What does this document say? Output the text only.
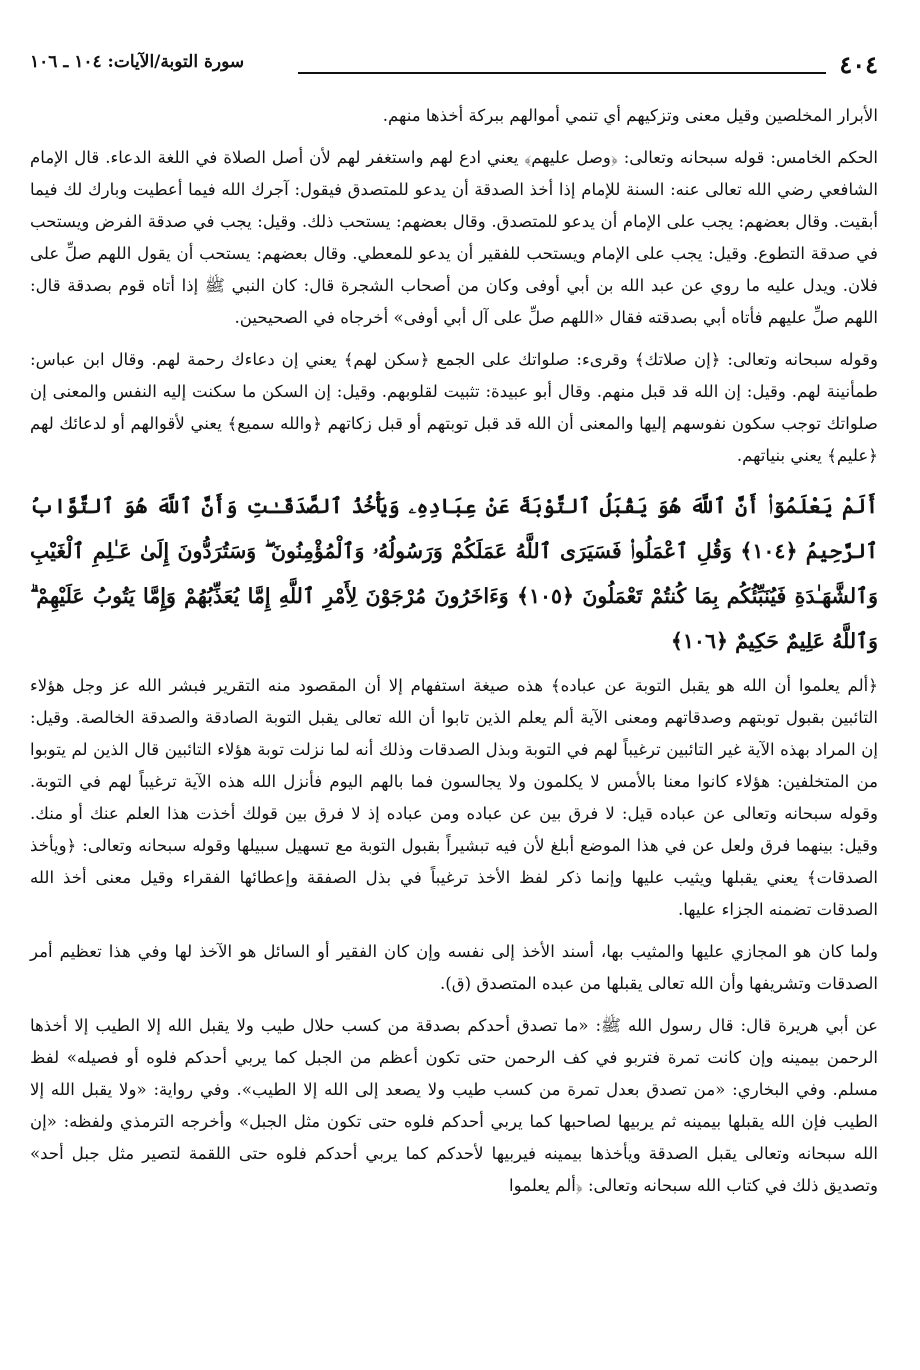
٤٠٤
سورة التوبة/الآيات: ١٠٤ ـ ١٠٦

الأبرار المخلصين وقيل معنى وتزكيهم أي تنمي أموالهم ببركة أخذها منهم.

الحكم الخامس: قوله سبحانه وتعالى: ﴿وصل عليهم﴾ يعني ادع لهم واستغفر لهم لأن أصل الصلاة في اللغة الدعاء. قال الإمام الشافعي رضي الله تعالى عنه: السنة للإمام إذا أخذ الصدقة أن يدعو للمتصدق فيقول: آجرك الله فيما أعطيت وبارك لك فيما أبقيت. وقال بعضهم: يجب على الإمام أن يدعو للمتصدق. وقال بعضهم: يستحب ذلك. وقيل: يجب في صدقة الفرض ويستحب في صدقة التطوع. وقيل: يجب على الإمام ويستحب للفقير أن يدعو للمعطي. وقال بعضهم: يستحب أن يقول اللهم صلِّ على فلان. ويدل عليه ما روي عن عبد الله بن أبي أوفى وكان من أصحاب الشجرة قال: كان النبي ﷺ إذا أتاه قوم بصدقة قال: اللهم صلِّ عليهم فأتاه أبي بصدقته فقال «اللهم صلِّ على آل أبي أوفى» أخرجاه في الصحيحين.

وقوله سبحانه وتعالى: ﴿إن صلاتك﴾ وقرىء: صلواتك على الجمع ﴿سكن لهم﴾ يعني إن دعاءك رحمة لهم. وقال ابن عباس: طمأنينة لهم. وقيل: إن الله قد قبل منهم. وقال أبو عبيدة: تثبيت لقلوبهم. وقيل: إن السكن ما سكنت إليه النفس والمعنى إن صلواتك توجب سكون نفوسهم إليها والمعنى أن الله قد قبل توبتهم أو قبل زكاتهم ﴿والله سميع﴾ يعني لأقوالهم أو لدعائك لهم ﴿عليم﴾ يعني بنياتهم.

أَلَمْ يَعْلَمُوٓا۟ أَنَّ ٱللَّهَ هُوَ يَقْبَلُ ٱلتَّوْبَةَ عَنْ عِبَادِهِۦ وَيَأْخُذُ ٱلصَّدَقَـٰتِ وَأَنَّ ٱللَّهَ هُوَ ٱلتَّوَّابُ ٱلرَّحِيمُ ﴿١٠٤﴾ وَقُلِ ٱعْمَلُوا۟ فَسَيَرَى ٱللَّهُ عَمَلَكُمْ وَرَسُولُهُۥ وَٱلْمُؤْمِنُونَ ۖ وَسَتُرَدُّونَ إِلَىٰ عَـٰلِمِ ٱلْغَيْبِ وَٱلشَّهَـٰدَةِ فَيُنَبِّئُكُم بِمَا كُنتُمْ تَعْمَلُونَ ﴿١٠٥﴾ وَءَاخَرُونَ مُرْجَوْنَ لِأَمْرِ ٱللَّهِ إِمَّا يُعَذِّبُهُمْ وَإِمَّا يَتُوبُ عَلَيْهِمْ ۗ وَٱللَّهُ عَلِيمٌ حَكِيمٌ ﴿١٠٦﴾

﴿ألم يعلموا أن الله هو يقبل التوبة عن عباده﴾ هذه صيغة استفهام إلا أن المقصود منه التقرير فبشر الله عز وجل هؤلاء التائبين بقبول توبتهم وصدقاتهم ومعنى الآية ألم يعلم الذين تابوا أن الله تعالى يقبل التوبة الصادقة والصدقة الخالصة. وقيل: إن المراد بهذه الآية غير التائبين ترغيباً لهم في التوبة وبذل الصدقات وذلك أنه لما نزلت توبة هؤلاء التائبين قال الذين لم يتوبوا من المتخلفين: هؤلاء كانوا معنا بالأمس لا يكلمون ولا يجالسون فما بالهم اليوم فأنزل الله هذه الآية ترغيباً لهم في التوبة. وقوله سبحانه وتعالى عن عباده قيل: لا فرق بين عن عباده ومن عباده إذ لا فرق بين قولك أخذت هذا العلم عنك أو منك. وقيل: بينهما فرق ولعل عن في هذا الموضع أبلغ لأن فيه تبشيراً بقبول التوبة مع تسهيل سبيلها وقوله سبحانه وتعالى: ﴿ويأخذ الصدقات﴾ يعني يقبلها ويثيب عليها وإنما ذكر لفظ الأخذ ترغيباً في بذل الصفقة وإعطائها الفقراء وقيل معنى أخذ الله الصدقات تضمنه الجزاء عليها.

ولما كان هو المجازي عليها والمثيب بها، أسند الأخذ إلى نفسه وإن كان الفقير أو السائل هو الآخذ لها وفي هذا تعظيم أمر الصدقات وتشريفها وأن الله تعالى يقبلها من عبده المتصدق (ق).

عن أبي هريرة قال: قال رسول الله ﷺ: «ما تصدق أحدكم بصدقة من كسب حلال طيب ولا يقبل الله إلا الطيب إلا أخذها الرحمن بيمينه وإن كانت تمرة فتربو في كف الرحمن حتى تكون أعظم من الجبل كما يربي أحدكم فلوه أو فصيله» لفظ مسلم. وفي البخاري: «من تصدق بعدل تمرة من كسب طيب ولا يصعد إلى الله إلا الطيب». وفي رواية: «ولا يقبل الله إلا الطيب فإن الله يقبلها بيمينه ثم يربيها لصاحبها كما يربي أحدكم فلوه حتى تكون مثل الجبل» وأخرجه الترمذي ولفظه: «إن الله سبحانه وتعالى يقبل الصدقة ويأخذها بيمينه فيربيها لأحدكم كما يربي أحدكم فلوه حتى اللقمة لتصير مثل جبل أحد» وتصديق ذلك في كتاب الله سبحانه وتعالى: ﴿ألم يعلموا
